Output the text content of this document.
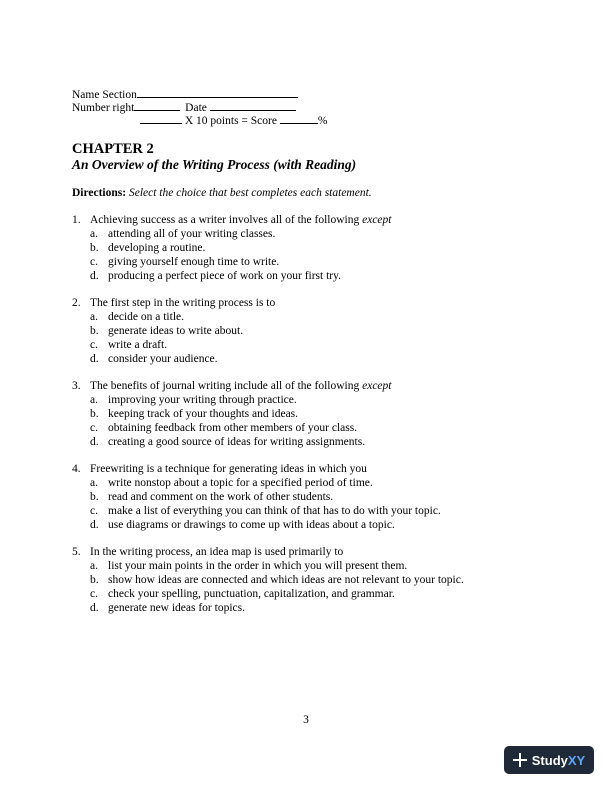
Name Section
Number right	Date
X 10 points = Score	%
CHAPTER 2
An Overview of the Writing Process (with Reading)
Directions: Select the choice that best completes each statement.
1. Achieving success as a writer involves all of the following except
a. attending all of your writing classes.
b. developing a routine.
c. giving yourself enough time to write.
d. producing a perfect piece of work on your first try.
2. The first step in the writing process is to
a. decide on a title.
b. generate ideas to write about.
c. write a draft.
d. consider your audience.
3. The benefits of journal writing include all of the following except
a. improving your writing through practice.
b. keeping track of your thoughts and ideas.
c. obtaining feedback from other members of your class.
d. creating a good source of ideas for writing assignments.
4. Freewriting is a technique for generating ideas in which you
a. write nonstop about a topic for a specified period of time.
b. read and comment on the work of other students.
c. make a list of everything you can think of that has to do with your topic.
d. use diagrams or drawings to come up with ideas about a topic.
5. In the writing process, an idea map is used primarily to
a. list your main points in the order in which you will present them.
b. show how ideas are connected and which ideas are not relevant to your topic.
c. check your spelling, punctuation, capitalization, and grammar.
d. generate new ideas for topics.
3
StudyXY
